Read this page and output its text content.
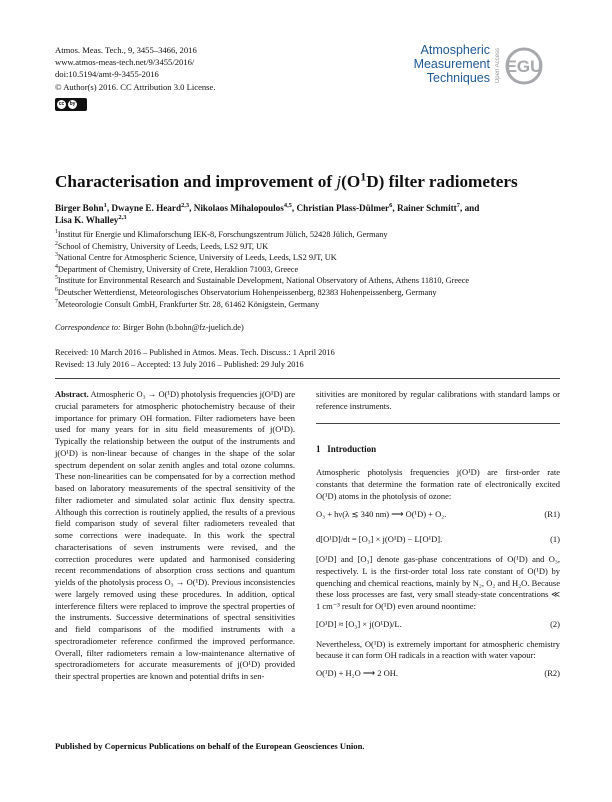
Atmos. Meas. Tech., 9, 3455–3466, 2016
www.atmos-meas-tech.net/9/3455/2016/
doi:10.5194/amt-9-3455-2016
© Author(s) 2016. CC Attribution 3.0 License.
cc	by
Atmospheric
Measurement
Techniques Open Access EGU
Characterisation and improvement of $j(O^1D)$ filter radiometers
Birger Bohn$^1$, Dwayne E. Heard$^{2,3}$, Nikolaos Mihalopoulos$^{4,5}$, Christian Plass-Dülmer$^6$, Rainer Schmitt$^7$, and
Lisa K. Whalley$^{2,3}$
$^1$Institut für Energie und Klimaforschung IEK-8, Forschungszentrum Jülich, 52428 Jülich, Germany
$^2$School of Chemistry, University of Leeds, Leeds, LS2 9JT, UK
$^3$National Centre for Atmospheric Science, University of Leeds, Leeds, LS2 9JT, UK
$^4$Department of Chemistry, University of Crete, Heraklion 71003, Greece
$^5$Institute for Environmental Research and Sustainable Development, National Observatory of Athens, Athens 11810, Greece
$^6$Deutscher Wetterdienst, Meteorologisches Observatorium Hohenpeissenberg, 82383 Hohenpeissenberg, Germany
$^7$Meteorologie Consult GmbH, Frankfurter Str. 28, 61462 Königstein, Germany
Correspondence to: Birger Bohn (b.bohn@fz-juelich.de)
Received: 10 March 2016 – Published in Atmos. Meas. Tech. Discuss.: 1 April 2016
Revised: 13 July 2016 – Accepted: 13 July 2016 – Published: 29 July 2016

Abstract. Atmospheric O₃ → O(¹D) photolysis frequencies j(O¹D) are crucial parameters for atmospheric photochemistry because of their importance for primary OH formation. Filter radiometers have been used for many years for in situ field measurements of j(O¹D). Typically the relationship between the output of the instruments and j(O¹D) is non-linear because of changes in the shape of the solar spectrum dependent on solar zenith angles and total ozone columns. These non-linearities can be compensated for by a correction method based on laboratory measurements of the spectral sensitivity of the filter radiometer and simulated solar actinic flux density spectra. Although this correction is routinely applied, the results of a previous field comparison study of several filter radiometers revealed that some corrections were inadequate. In this work the spectral characterisations of seven instruments were revised, and the correction procedures were updated and harmonised considering recent recommendations of absorption cross sections and quantum yields of the photolysis process O₃ → O(¹D). Previous inconsistencies were largely removed using these procedures. In addition, optical interference filters were replaced to improve the spectral properties of the instruments. Successive determinations of spectral sensitivities and field comparisons of the modified instruments with a spectroradiometer reference confirmed the improved performance. Overall, filter radiometers remain a low-maintenance alternative of spectroradiometers for accurate measurements of j(O¹D) provided their spectral properties are known and potential drifts in sen-

sitivities are monitored by regular calibrations with standard lamps or reference instruments.

1 Introduction

Atmospheric photolysis frequencies j(O¹D) are first-order rate constants that determine the formation rate of electronically excited O(¹D) atoms in the photolysis of ozone:

O₃ + hν(λ ≲ 340 nm) ⟶ O(¹D) + O₂.	(R1)
d[O¹D]/dt = [O₃] × j(O¹D) − L[O¹D].	(1)

[O¹D] and [O₃] denote gas-phase concentrations of O(¹D) and O₃, respectively. L is the first-order total loss rate constant of O(¹D) by quenching and chemical reactions, mainly by N₂, O₂ and H₂O. Because these loss processes are fast, very small steady-state concentrations ≪ 1 cm⁻³ result for O(¹D) even around noontime:

[O¹D] ≈ [O₃] × j(O¹D)/L.	(2)

Nevertheless, O(¹D) is extremely important for atmospheric chemistry because it can form OH radicals in a reaction with water vapour:

O(¹D) + H₂O ⟶ 2 OH.	(R2)
Published by Copernicus Publications on behalf of the European Geosciences Union.
